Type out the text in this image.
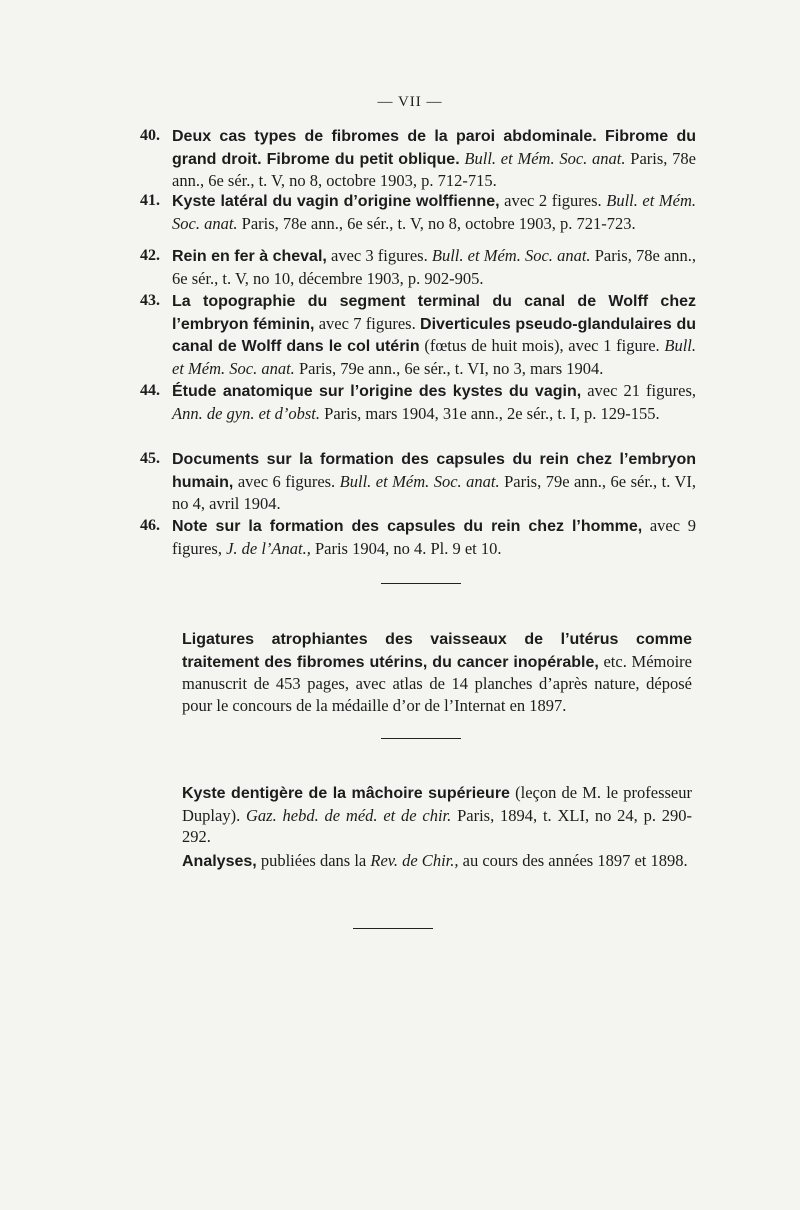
— VII —
40. Deux cas types de fibromes de la paroi abdominale. Fibrome du grand droit. Fibrome du petit oblique. Bull. et Mém. Soc. anat. Paris, 78e ann., 6e sér., t. V, no 8, octobre 1903, p. 712-715.
41. Kyste latéral du vagin d’origine wolffienne, avec 2 figures. Bull. et Mém. Soc. anat. Paris, 78e ann., 6e sér., t. V, no 8, octobre 1903, p. 721-723.
42. Rein en fer à cheval, avec 3 figures. Bull. et Mém. Soc. anat. Paris, 78e ann., 6e sér., t. V, no 10, décembre 1903, p. 902-905.
43. La topographie du segment terminal du canal de Wolff chez l’embryon féminin, avec 7 figures. Diverticules pseudo-glandulaires du canal de Wolff dans le col utérin (fœtus de huit mois), avec 1 figure. Bull. et Mém. Soc. anat. Paris, 79e ann., 6e sér., t. VI, no 3, mars 1904.
44. Étude anatomique sur l’origine des kystes du vagin, avec 21 figures, Ann. de gyn. et d’obst. Paris, mars 1904, 31e ann., 2e sér., t. I, p. 129-155.
45. Documents sur la formation des capsules du rein chez l’embryon humain, avec 6 figures. Bull. et Mém. Soc. anat. Paris, 79e ann., 6e sér., t. VI, no 4, avril 1904.
46. Note sur la formation des capsules du rein chez l’homme, avec 9 figures, J. de l’Anat., Paris 1904, no 4. Pl. 9 et 10.
Ligatures atrophiantes des vaisseaux de l’utérus comme traitement des fibromes utérins, du cancer inopérable, etc. Mémoire manuscrit de 453 pages, avec atlas de 14 planches d’après nature, déposé pour le concours de la médaille d’or de l’Internat en 1897.
Kyste dentigère de la mâchoire supérieure (leçon de M. le professeur Duplay). Gaz. hebd. de méd. et de chir. Paris, 1894, t. XLI, no 24, p. 290-292.
Analyses, publiées dans la Rev. de Chir., au cours des années 1897 et 1898.
